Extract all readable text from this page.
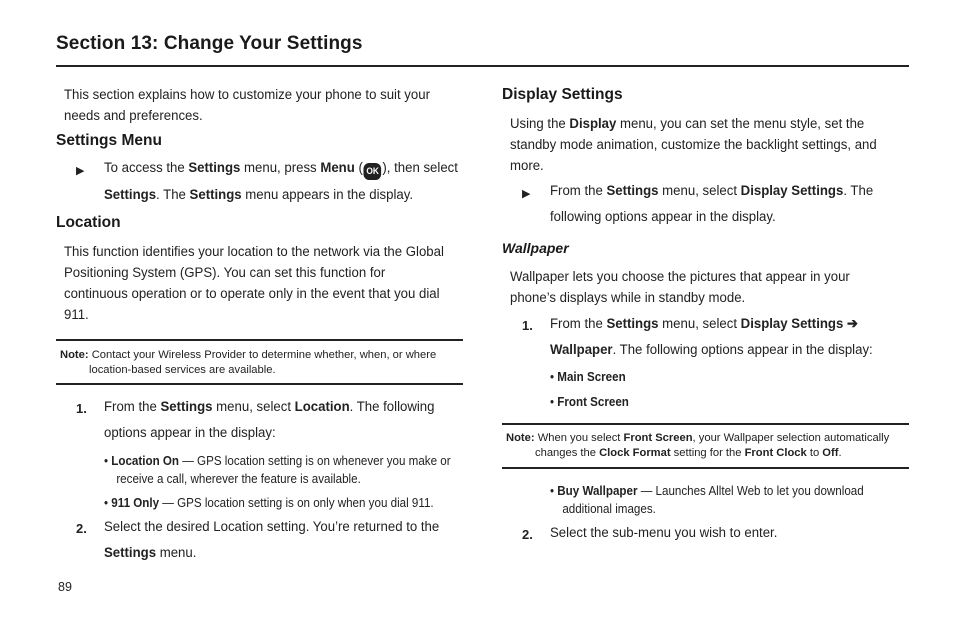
Section 13: Change Your Settings
This section explains how to customize your phone to suit your
needs and preferences.
Settings Menu
▶ To access the Settings menu, press Menu ( OK ), then select
Settings. The Settings menu appears in the display.
Location
This function identifies your location to the network via the Global
Positioning System (GPS). You can set this function for
continuous operation or to operate only in the event that you dial
911.
Note: Contact your Wireless Provider to determine whether, when, or where
location-based services are available.
1. From the Settings menu, select Location. The following
options appear in the display:
• Location On — GPS location setting is on whenever you make or
receive a call, wherever the feature is available.
• 911 Only — GPS location setting is on only when you dial 911.
2. Select the desired Location setting. You’re returned to the
Settings menu.
Display Settings
Using the Display menu, you can set the menu style, set the
standby mode animation, customize the backlight settings, and
more.
▶ From the Settings menu, select Display Settings. The
following options appear in the display.
Wallpaper
Wallpaper lets you choose the pictures that appear in your
phone’s displays while in standby mode.
1. From the Settings menu, select Display Settings ➔
Wallpaper. The following options appear in the display:
• Main Screen
• Front Screen
Note: When you select Front Screen, your Wallpaper selection automatically
changes the Clock Format setting for the Front Clock to Off.
• Buy Wallpaper — Launches Alltel Web to let you download
additional images.
2. Select the sub-menu you wish to enter.
89
